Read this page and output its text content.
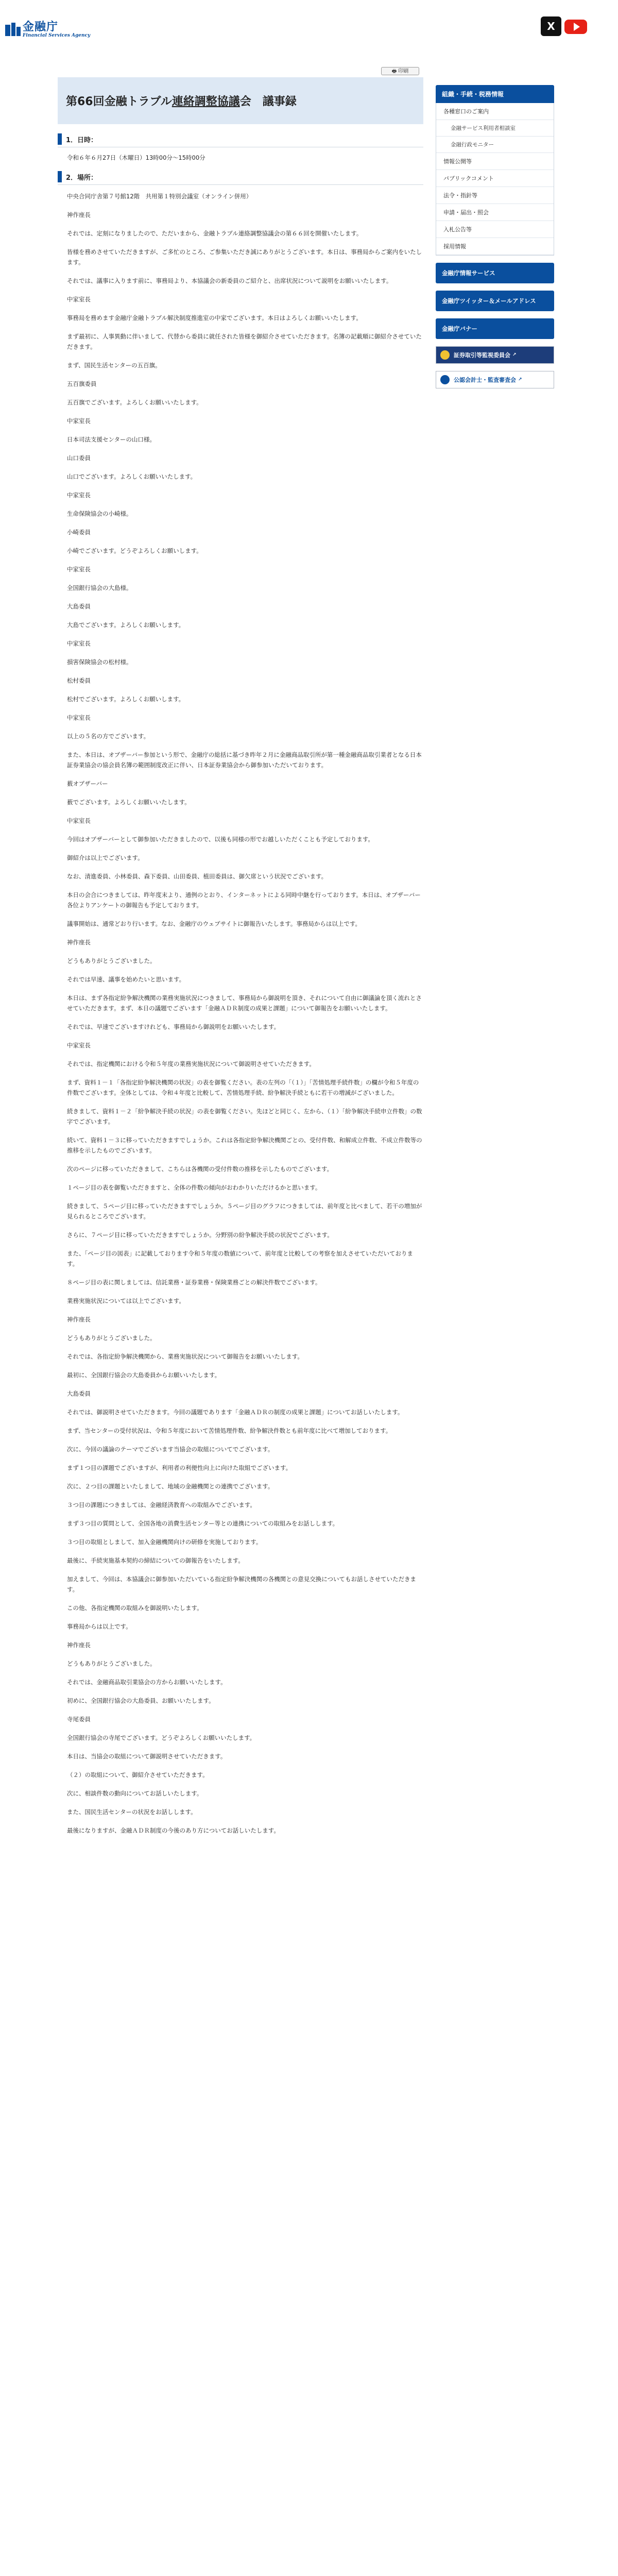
金融庁
Financial Services Agency
X
🖶 印刷
第66回金融トラブル連絡調整協議会　議事録
1．日時：
令和６年６月27日（木曜日）13時00分～15時00分
2．場所：
中央合同庁舎第７号館12階　共用第１特別会議室（オンライン併用）
神作座長
それでは、定刻になりましたので、ただいまから、金融トラブル連絡調整協議会の第６６回を開催いたします。
皆様を務めさせていただきますが、ご多忙のところ、ご参集いただき誠にありがとうございます。本日は、事務局からご案内をいたします。
それでは、議事に入ります前に、事務局より、本協議会の新委員のご紹介と、出席状況について説明をお願いいたします。
中家室長
事務局を務めます金融庁金融トラブル解決制度推進室の中家でございます。本日はよろしくお願いいたします。
まず最初に、人事異動に伴いまして、代替から委員に就任された皆様を御紹介させていただきます。名簿の記載順に御紹介させていただきます。
まず、国民生活センターの五百旗。
五百旗委員
五百旗でございます。よろしくお願いいたします。
中家室長
日本司法支援センターの山口様。
山口委員
山口でございます。よろしくお願いいたします。
中家室長
生命保険協会の小崎様。
小崎委員
小崎でございます。どうぞよろしくお願いします。
中家室長
全国銀行協会の大島様。
大島委員
大島でございます。よろしくお願いします。
中家室長
損害保険協会の松村様。
松村委員
松村でございます。よろしくお願いします。
中家室長
以上の５名の方でございます。
また、本日は、オブザーバー参加という形で、金融庁の総括に基づき昨年２月に金融商品取引所が第一種金融商品取引業者となる日本証券業協会の協会員名簿の範囲制度改正に伴い、日本証券業協会から御参加いただいております。
薮オブザーバー
薮でございます。よろしくお願いいたします。
中家室長
今回はオブザーバーとして御参加いただきましたので、以後も同様の形でお越しいただくことも予定しております。
御紹介は以上でございます。
なお、清進委員、小林委員、森下委員、山田委員、植田委員は、御欠席という状況でございます。
本日の会合につきましては、昨年度末より、通例のとおり、インターネットによる同時中継を行っております。本日は、オブザーバー各位よりアンケートの御報告も予定しております。
議事開始は、通常どおり行います。なお、金融庁のウェブサイトに御報告いたします。事務局からは以上です。
神作座長
どうもありがとうございました。
それでは早速、議事を始めたいと思います。
本日は、まず各指定紛争解決機関の業務実施状況につきまして、事務局から御説明を頂き、それについて自由に御議論を頂く流れとさせていただきます。まず、本日の議題でございます「金融ＡＤＲ制度の成果と課題」について御報告をお願いいたします。
それでは、早速でございますけれども、事務局から御説明をお願いいたします。
中家室長
それでは、指定機関における令和５年度の業務実施状況について御説明させていただきます。
まず、資料１－１「各指定紛争解決機関の状況」の表を御覧ください。表の左列の「（１）」「苦情処理手続件数」の欄が令和５年度の件数でございます。全体としては、令和４年度と比較して、苦情処理手続、紛争解決手続ともに若干の増減がございました。
続きまして、資料１－２「紛争解決手続の状況」の表を御覧ください。先ほどと同じく、左から、（１）「紛争解決手続申立件数」の数字でございます。
続いて、資料１－３に移っていただきますでしょうか。これは各指定紛争解決機関ごとの、受付件数、和解成立件数、不成立件数等の推移を示したものでございます。
次のページに移っていただきまして、こちらは各機関の受付件数の推移を示したものでございます。
１ページ目の表を御覧いただきますと、全体の件数の傾向がおわかりいただけるかと思います。
続きまして、５ページ目に移っていただきますでしょうか。５ページ目のグラフにつきましては、前年度と比べまして、若干の増加が見られるところでございます。
さらに、７ページ目に移っていただきますでしょうか。分野別の紛争解決手続の状況でございます。
また、「ページ目の図表」に記載しております令和５年度の数値について、前年度と比較しての考察を加えさせていただいております。
８ページ目の表に関しましては、信託業務・証券業務・保険業務ごとの解決件数でございます。
業務実施状況については以上でございます。
神作座長
どうもありがとうございました。
それでは、各指定紛争解決機関から、業務実施状況について御報告をお願いいたします。
最初に、全国銀行協会の大島委員からお願いいたします。
大島委員
それでは、御説明させていただきます。今回の議題であります「金融ＡＤＲの制度の成果と課題」についてお話しいたします。
まず、当センターの受付状況は、令和５年度において苦情処理件数、紛争解決件数とも前年度に比べて増加しております。
次に、今回の議論のテーマでございます当協会の取組についてでございます。
まず１つ目の課題でございますが、利用者の利便性向上に向けた取組でございます。
次に、２つ目の課題といたしまして、地域の金融機関との連携でございます。
３つ目の課題につきましては、金融経済教育への取組みでございます。
まず３つ目の質問として、全国各地の消費生活センター等との連携についての取組みをお話しします。
３つ目の取組としまして、加入金融機関向けの研修を実施しております。
最後に、手続実施基本契約の締結についての御報告をいたします。
加えまして、今回は、本協議会に御参加いただいている指定紛争解決機関の各機関との意見交換についてもお話しさせていただきます。
この他、各指定機関の取組みを御説明いたします。
事務局からは以上です。
神作座長
どうもありがとうございました。
それでは、金融商品取引業協会の方からお願いいたします。
初めに、全国銀行協会の大島委員、お願いいたします。
寺尾委員
全国銀行協会の寺尾でございます。どうぞよろしくお願いいたします。
本日は、当協会の取組について御説明させていただきます。
（２）の取組について、御紹介させていただきます。
次に、相談件数の動向についてお話しいたします。
また、国民生活センターの状況をお話しします。
最後になりますが、金融ＡＤＲ制度の今後のあり方についてお話しいたします。
組織・手続・税務情報
各種窓口のご案内
金融サービス利用者相談室
金融行政モニター
情報公開等
パブリックコメント
法令・指針等
申請・届出・照会
入札公告等
採用情報
金融庁情報サービス
金融庁ツイッター＆メールアドレス
金融庁バナー
証券取引等監視委員会 ↗
公認会計士・監査審査会 ↗
